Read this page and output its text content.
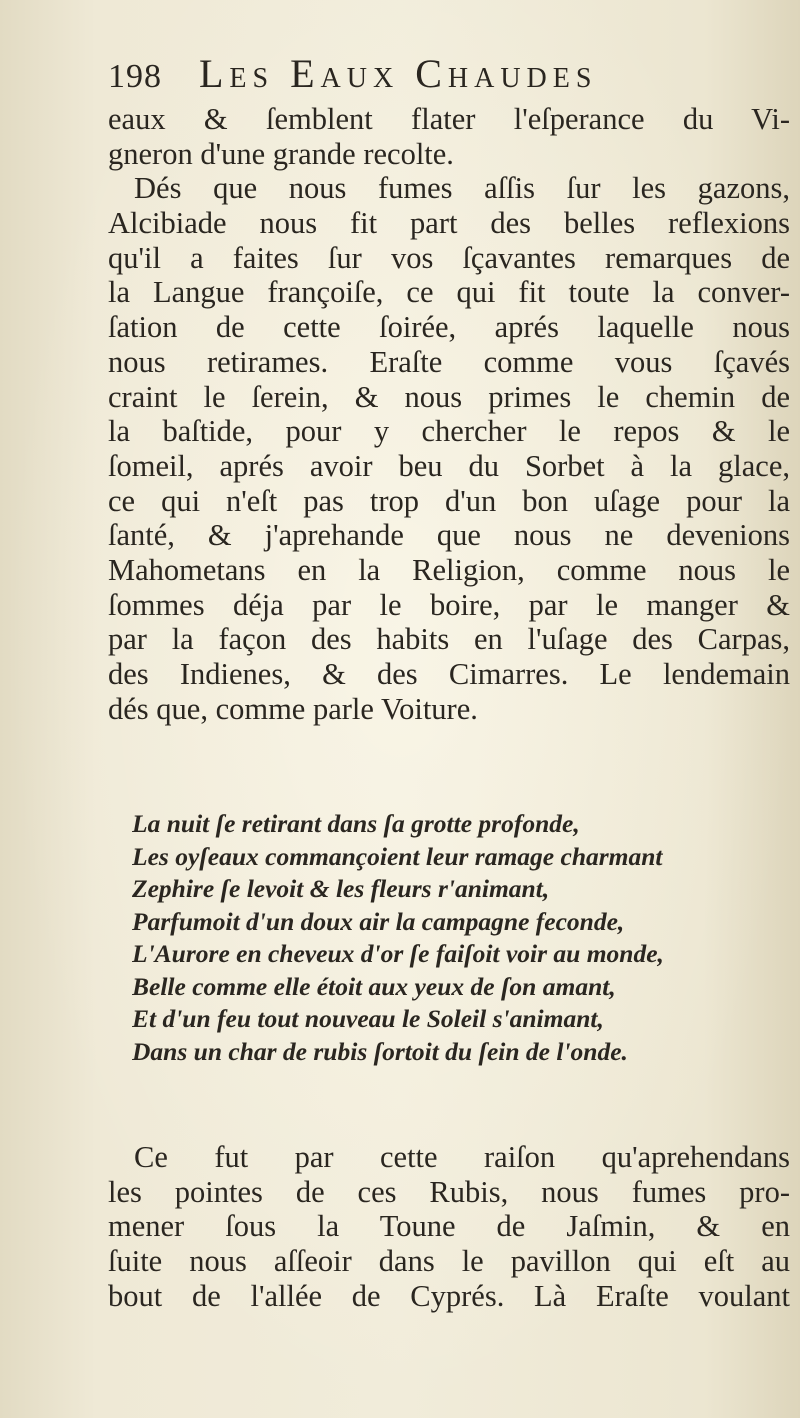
198 Les Eaux Chaudes
eaux & ſemblent flater l'eſperance du Vi-
gneron d'une grande recolte.
Dés que nous fumes aſſis ſur les gazons,
Alcibiade nous fit part des belles reflexions
qu'il a faites ſur vos ſçavantes remarques de
la Langue françoiſe, ce qui fit toute la conver-
ſation de cette ſoirée, aprés laquelle nous
nous retirames. Eraſte comme vous ſçavés
craint le ſerein, & nous primes le chemin de
la baſtide, pour y chercher le repos & le
ſomeil, aprés avoir beu du Sorbet à la glace,
ce qui n'eſt pas trop d'un bon uſage pour la
ſanté, & j'aprehande que nous ne devenions
Mahometans en la Religion, comme nous le
ſommes déja par le boire, par le manger &
par la façon des habits en l'uſage des Carpas,
des Indienes, & des Cimarres. Le lendemain
dés que, comme parle Voiture.
La nuit ſe retirant dans ſa grotte profonde,
Les oyſeaux commançoient leur ramage charmant
Zephire ſe levoit & les fleurs r'animant,
Parfumoit d'un doux air la campagne feconde,
L'Aurore en cheveux d'or ſe faiſoit voir au monde,
Belle comme elle étoit aux yeux de ſon amant,
Et d'un feu tout nouveau le Soleil s'animant,
Dans un char de rubis ſortoit du ſein de l'onde.
Ce fut par cette raiſon qu'aprehendans
les pointes de ces Rubis, nous fumes pro-
mener ſous la Toune de Jaſmin, & en
ſuite nous aſſeoir dans le pavillon qui eſt au
bout de l'allée de Cyprés. Là Eraſte voulant
